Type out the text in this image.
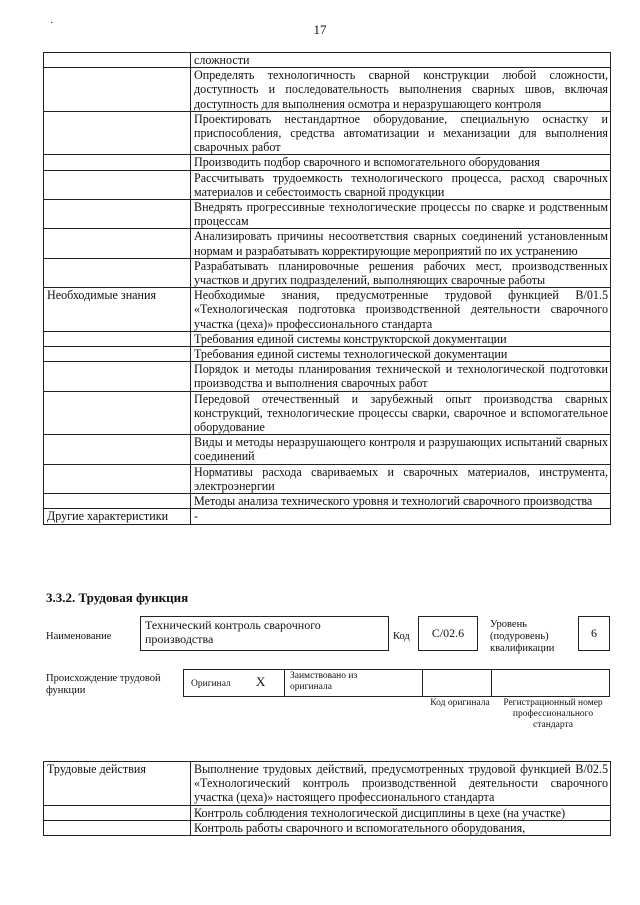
·	17
	сложности
	Определять технологичность сварной конструкции любой сложности, доступность и последовательность выполнения сварных швов, включая доступность для выполнения осмотра и неразрушающего контроля
	Проектировать нестандартное оборудование, специальную оснастку и приспособления, средства автоматизации и механизации для выполнения сварочных работ
	Производить подбор сварочного и вспомогательного оборудования
	Рассчитывать трудоемкость технологического процесса, расход сварочных материалов и себестоимость сварной продукции
	Внедрять прогрессивные технологические процессы по сварке и родственным процессам
	Анализировать причины несоответствия сварных соединений установленным нормам и разрабатывать корректирующие мероприятий по их устранению
	Разрабатывать планировочные решения рабочих мест, производственных участков и других подразделений, выполняющих сварочные работы
Необходимые знания	Необходимые знания, предусмотренные трудовой функцией B/01.5 «Технологическая подготовка производственной деятельности сварочного участка (цеха)» профессионального стандарта
	Требования единой системы конструкторской документации
	Требования единой системы технологической документации
	Порядок и методы планирования технической и технологической подготовки производства и выполнения сварочных работ
	Передовой отечественный и зарубежный опыт производства сварных конструкций, технологические процессы сварки, сварочное и вспомогательное оборудование
	Виды и методы неразрушающего контроля и разрушающих испытаний сварных соединений
	Нормативы расхода свариваемых и сварочных материалов, инструмента, электроэнергии
	Методы анализа технического уровня и технологий сварочного производства
Другие характеристики	-
3.3.2. Трудовая функция
Наименование
Технический контроль сварочного производства	Код	C/02.6
Уровень (подуровень) квалификации
6
Происхождение трудовой функции
Оригинал X	Заимствовано из оригинала
Код оригинала	Регистрационный номер профессионального стандарта
Трудовые действия	Выполнение трудовых действий, предусмотренных трудовой функцией B/02.5 «Технологический контроль производственной деятельности сварочного участка (цеха)» настоящего профессионального стандарта
	Контроль соблюдения технологической дисциплины в цехе (на участке)
	Контроль работы сварочного и вспомогательного оборудования,
